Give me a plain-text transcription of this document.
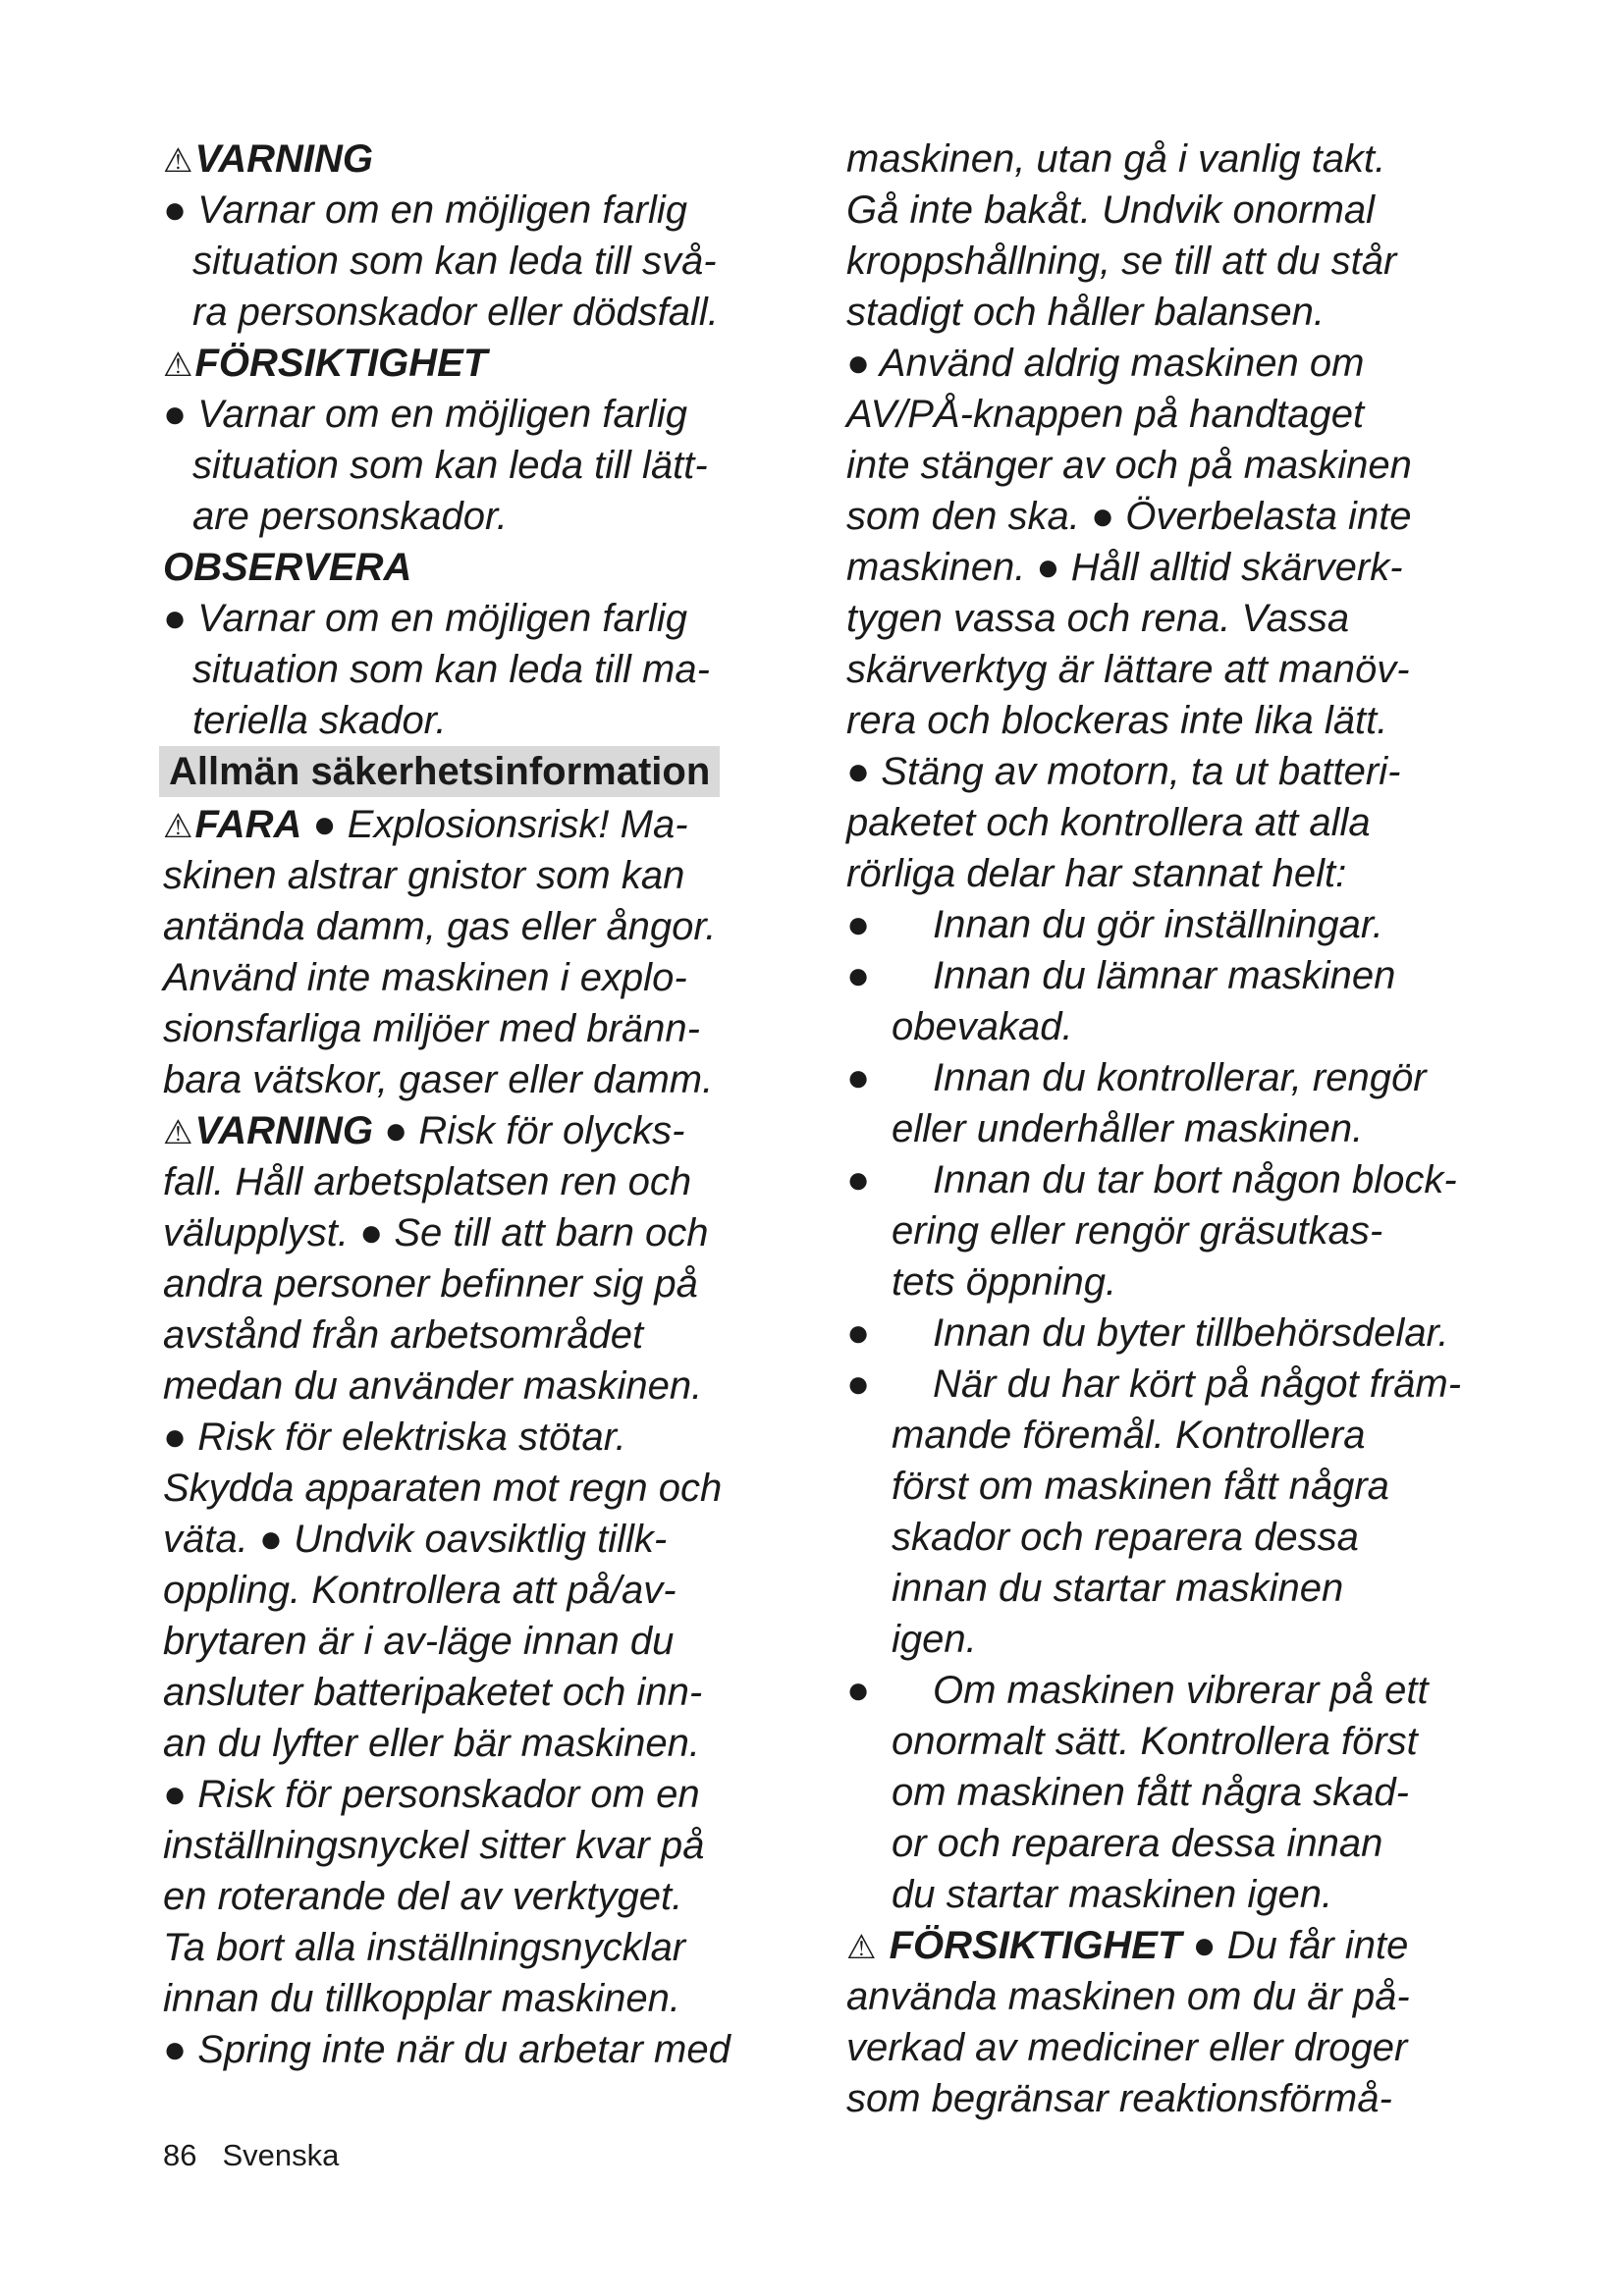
⚠VARNING
● Varnar om en möjligen farlig
situation som kan leda till svå-
ra personskador eller dödsfall.
⚠FÖRSIKTIGHET
● Varnar om en möjligen farlig
situation som kan leda till lätt-
are personskador.
OBSERVERA
● Varnar om en möjligen farlig
situation som kan leda till ma-
teriella skador.
Allmän säkerhetsinformation
⚠FARA ● Explosionsrisk! Ma-
skinen alstrar gnistor som kan
antända damm, gas eller ångor.
Använd inte maskinen i explo-
sionsfarliga miljöer med bränn-
bara vätskor, gaser eller damm.
⚠VARNING ● Risk för olycks-
fall. Håll arbetsplatsen ren och
välupplyst. ● Se till att barn och
andra personer befinner sig på
avstånd från arbetsområdet
medan du använder maskinen.
● Risk för elektriska stötar.
Skydda apparaten mot regn och
väta. ● Undvik oavsiktlig tillk-
oppling. Kontrollera att på/av-
brytaren är i av-läge innan du
ansluter batteripaketet och inn-
an du lyfter eller bär maskinen.
● Risk för personskador om en
inställningsnyckel sitter kvar på
en roterande del av verktyget.
Ta bort alla inställningsnycklar
innan du tillkopplar maskinen.
● Spring inte när du arbetar med
maskinen, utan gå i vanlig takt.
Gå inte bakåt. Undvik onormal
kroppshållning, se till att du står
stadigt och håller balansen.
● Använd aldrig maskinen om
AV/PÅ-knappen på handtaget
inte stänger av och på maskinen
som den ska. ● Överbelasta inte
maskinen. ● Håll alltid skärverk-
tygen vassa och rena. Vassa
skärverktyg är lättare att manöv-
rera och blockeras inte lika lätt.
● Stäng av motorn, ta ut batteri-
paketet och kontrollera att alla
rörliga delar har stannat helt:
● Innan du gör inställningar.
● Innan du lämnar maskinen
obevakad.
● Innan du kontrollerar, rengör
eller underhåller maskinen.
● Innan du tar bort någon block-
ering eller rengör gräsutkas-
tets öppning.
● Innan du byter tillbehörsdelar.
● När du har kört på något främ-
mande föremål. Kontrollera
först om maskinen fått några
skador och reparera dessa
innan du startar maskinen
igen.
● Om maskinen vibrerar på ett
onormalt sätt. Kontrollera först
om maskinen fått några skad-
or och reparera dessa innan
du startar maskinen igen.
⚠ FÖRSIKTIGHET ● Du får inte
använda maskinen om du är på-
verkad av mediciner eller droger
som begränsar reaktionsförmå-
86 Svenska
